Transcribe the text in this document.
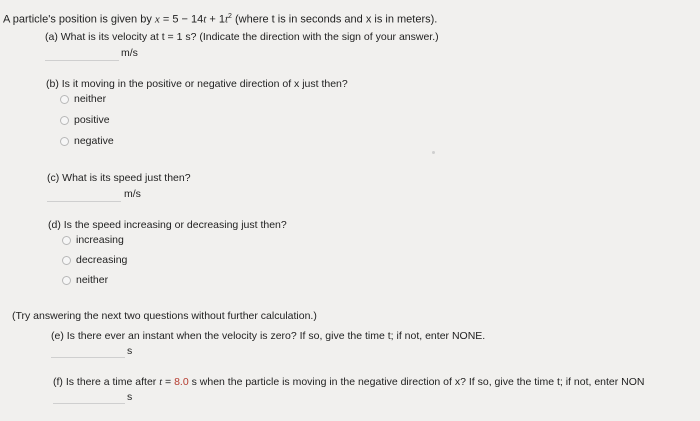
A particle's position is given by $x = 5 - 14t + 1t^2$ (where t is in seconds and x is in meters).
(a) What is its velocity at t = 1 s? (Indicate the direction with the sign of your answer.)
m/s
(b) Is it moving in the positive or negative direction of x just then?
neither
positive
negative
(c) What is its speed just then?
m/s
(d) Is the speed increasing or decreasing just then?
increasing
decreasing
neither
(Try answering the next two questions without further calculation.)
(e) Is there ever an instant when the velocity is zero? If so, give the time t; if not, enter NONE.
s
(f) Is there a time after t = 8.0 s when the particle is moving in the negative direction of x? If so, give the time t; if not, enter NON
s
